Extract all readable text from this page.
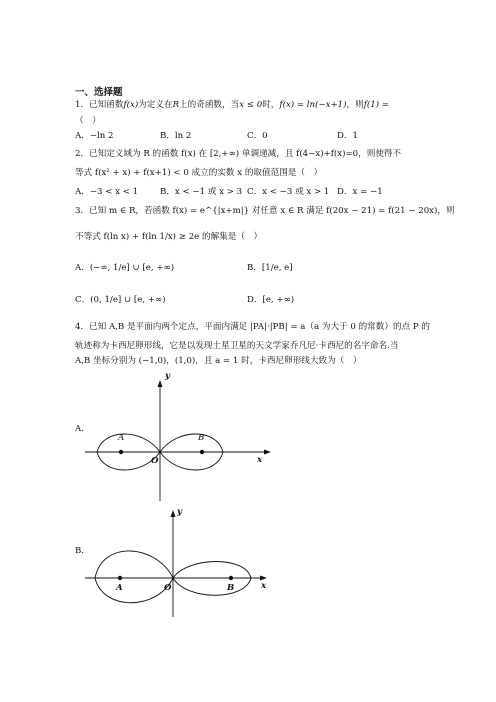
一、选择题
1．已知函数f(x)为定义在R上的奇函数，当x ≤ 0时，f(x) = ln(−x+1)，则f(1) =
（　）
A．−ln 2	B．ln 2	C．0	D．1
2．已知定义域为 R 的函数 f(x) 在 [2,+∞) 单调递减，且 f(4−x)+f(x)=0，则使得不
等式 f(x² + x) + f(x+1) < 0 成立的实数 x 的取值范围是（　）
A．−3 < x < 1	B．x < −1 或 x > 3 C．x < −3 或 x > 1 D．x = −1
3．已知 m ∈ R，若函数 f(x) = e^{|x+m|} 对任意 x ∈ R 满足 f(20x − 21) = f(21 − 20x)，则
不等式 f(ln x) + f(ln 1/x) ≥ 2e 的解集是（　）
A．(−∞, 1/e] ∪ [e, +∞)	B．[1/e, e]
C．(0, 1/e] ∪ [e, +∞)	D．[e, +∞)
4．已知 A,B 是平面内两个定点，平面内满足 |PA|·|PB| = a（a 为大于 0 的常数）的点 P 的
轨迹称为卡西尼卵形线，它是以发现土星卫星的天文学家乔凡尼·卡西尼的名字命名.当
A,B 坐标分别为 (−1,0)，(1,0)，且 a = 1 时，卡西尼卵形线大致为（　）
A．
y
x
A	B
O
B．
y
x
A	B
O
